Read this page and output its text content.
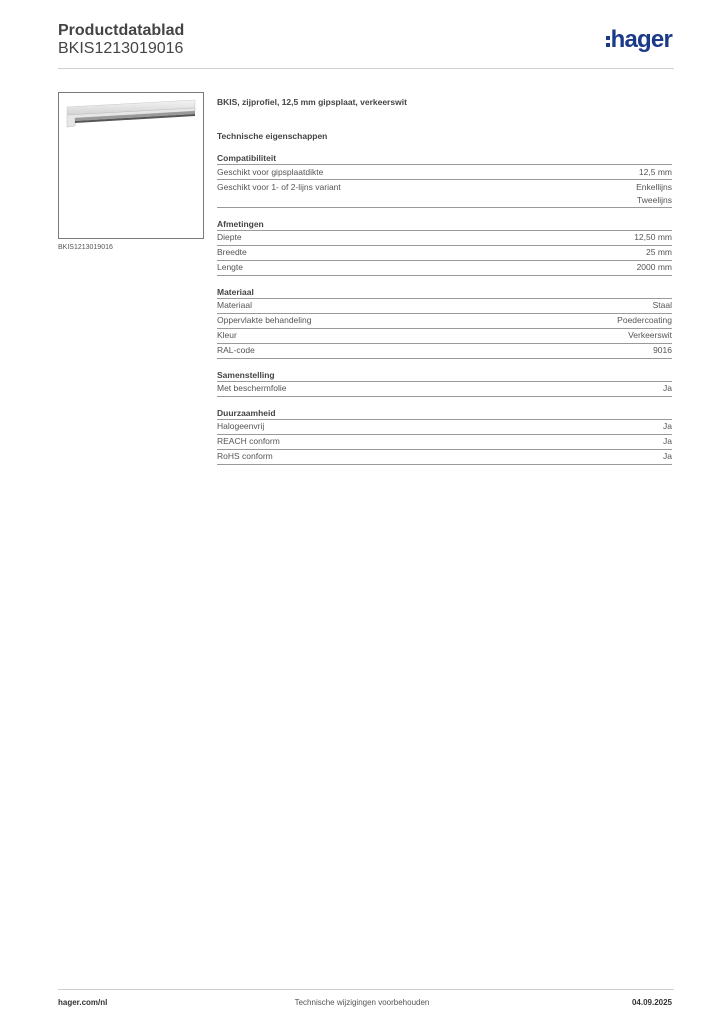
Productdatablad
BKIS1213019016	hager
BKIS1213019016
BKIS, zijprofiel, 12,5 mm gipsplaat, verkeerswit
Technische eigenschappen
Compatibiliteit
Geschikt voor gipsplaatdikte	12,5 mm
Geschikt voor 1- of 2-lijns variant	Enkellijns
Tweelijns
Afmetingen
Diepte	12,50 mm
Breedte	25 mm
Lengte	2000 mm
Materiaal
Materiaal	Staal
Oppervlakte behandeling	Poedercoating
Kleur	Verkeerswit
RAL-code	9016
Samenstelling
Met beschermfolie	Ja
Duurzaamheid
Halogeenvrij	Ja
REACH conform	Ja
RoHS conform	Ja
hager.com/nl	Technische wijzigingen voorbehouden	04.09.2025
